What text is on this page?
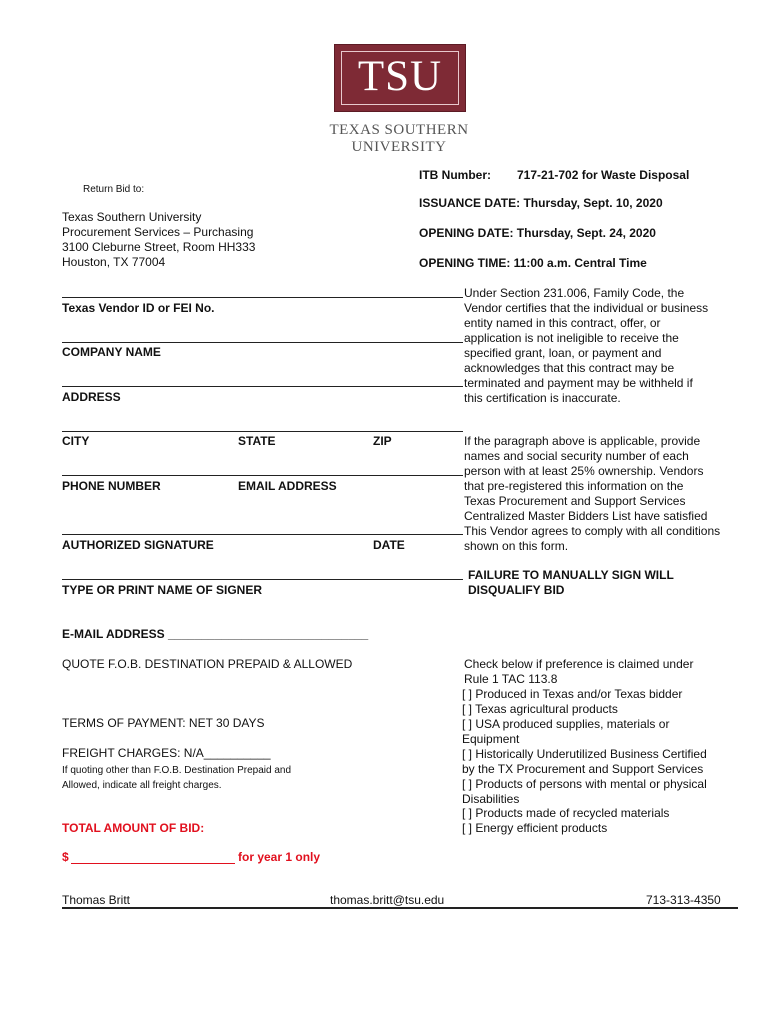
TSU
TEXAS SOUTHERN UNIVERSITY
ITB Number: 717-21-702 for Waste Disposal
ISSUANCE DATE: Thursday, Sept. 10, 2020
OPENING DATE: Thursday, Sept. 24, 2020
OPENING TIME: 11:00 a.m. Central Time
Return Bid to:
Texas Southern University
Procurement Services – Purchasing
3100 Cleburne Street, Room HH333
Houston, TX 77004
Texas Vendor ID or FEI No.
COMPANY NAME
ADDRESS
CITY	STATE	ZIP
PHONE NUMBER	EMAIL ADDRESS
AUTHORIZED SIGNATURE	DATE
TYPE OR PRINT NAME OF SIGNER
E-MAIL ADDRESS ______________________________
Under Section 231.006, Family Code, the
Vendor certifies that the individual or business
entity named in this contract, offer, or
application is not ineligible to receive the
specified grant, loan, or payment and
acknowledges that this contract may be
terminated and payment may be withheld if
this certification is inaccurate.
If the paragraph above is applicable, provide
names and social security number of each
person with at least 25% ownership. Vendors
that pre-registered this information on the
Texas Procurement and Support Services
Centralized Master Bidders List have satisfied
This Vendor agrees to comply with all conditions
shown on this form.
FAILURE TO MANUALLY SIGN WILL
DISQUALIFY BID
QUOTE F.O.B. DESTINATION PREPAID & ALLOWED
TERMS OF PAYMENT: NET 30 DAYS
FREIGHT CHARGES: N/A__________
If quoting other than F.O.B. Destination Prepaid and
Allowed, indicate all freight charges.
Check below if preference is claimed under
Rule 1 TAC 113.8
[ ] Produced in Texas and/or Texas bidder
[ ] Texas agricultural products
[ ] USA produced supplies, materials or
Equipment
[ ] Historically Underutilized Business Certified
by the TX Procurement and Support Services
[ ] Products of persons with mental or physical
Disabilities
[ ] Products made of recycled materials
[ ] Energy efficient products
TOTAL AMOUNT OF BID:
$	for year 1 only
Thomas Britt	thomas.britt@tsu.edu	713-313-4350
